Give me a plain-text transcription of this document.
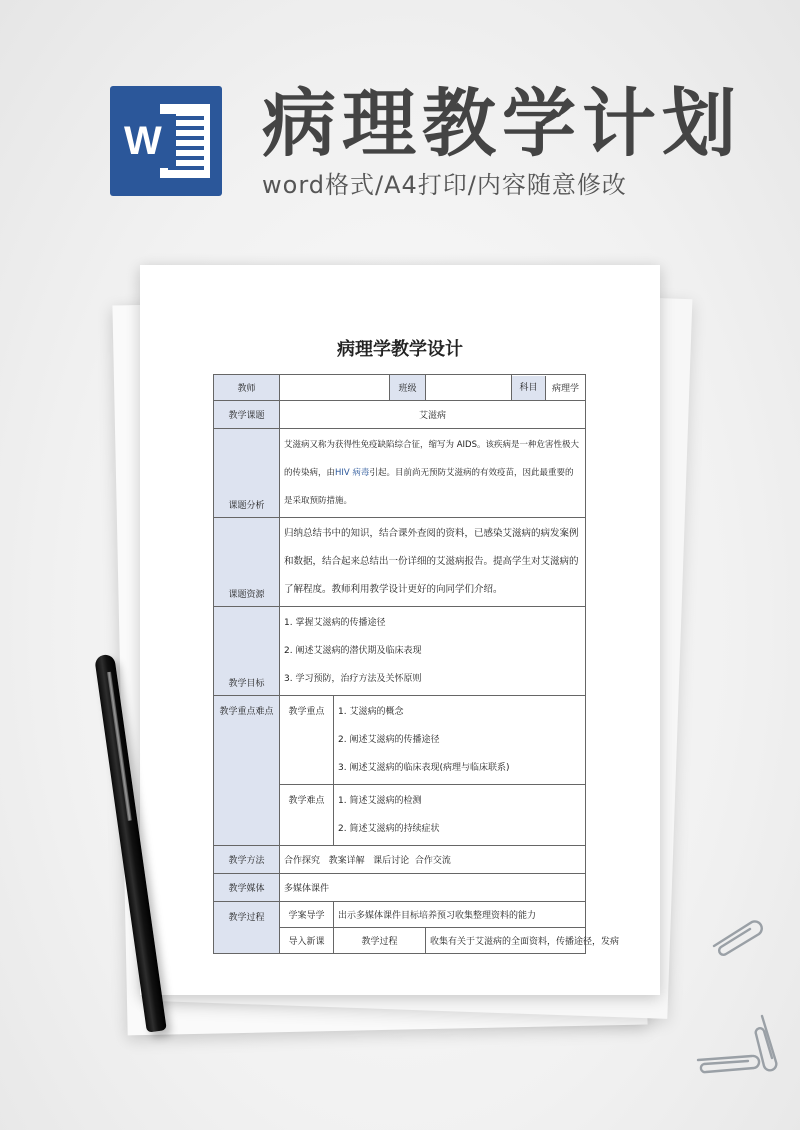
W 病理教学计划
word格式/A4打印/内容随意修改
病理学教学设计
教师			班级		科目 病理学

教学课题	艾滋病				
课题分析	艾滋病又称为获得性免疫缺陷综合征，缩写为 AIDS。该疾病是一种危害性极大的传染病，由HIV 病毒引起。目前尚无预防艾滋病的有效疫苗，因此最重要的是采取预防措施。				
课题资源	归纳总结书中的知识，结合课外查阅的资料，已感染艾滋病的病发案例和数据，结合起来总结出一份详细的艾滋病报告。提高学生对艾滋病的了解程度。教师利用教学设计更好的向同学们介绍。				
教学目标	1. 掌握艾滋病的传播途径
2. 阐述艾滋病的潜伏期及临床表现
3. 学习预防，治疗方法及关怀原则				

教学重点难点	教学重点	1. 艾滋病的概念
2. 阐述艾滋病的传播途径
3. 阐述艾滋病的临床表现(病理与临床联系)			

	教学难点	1. 简述艾滋病的检测
2. 简述艾滋病的持续症状			

教学方法	合作探究   教案详解   课后讨论  合作交流				
教学媒体	多媒体课件				
教学过程	学案导学	出示多媒体课件目标培养预习收集整理资料的能力			
	导入新课	教学过程		收集有关于艾滋病的全面资料，传播途径，发病	
